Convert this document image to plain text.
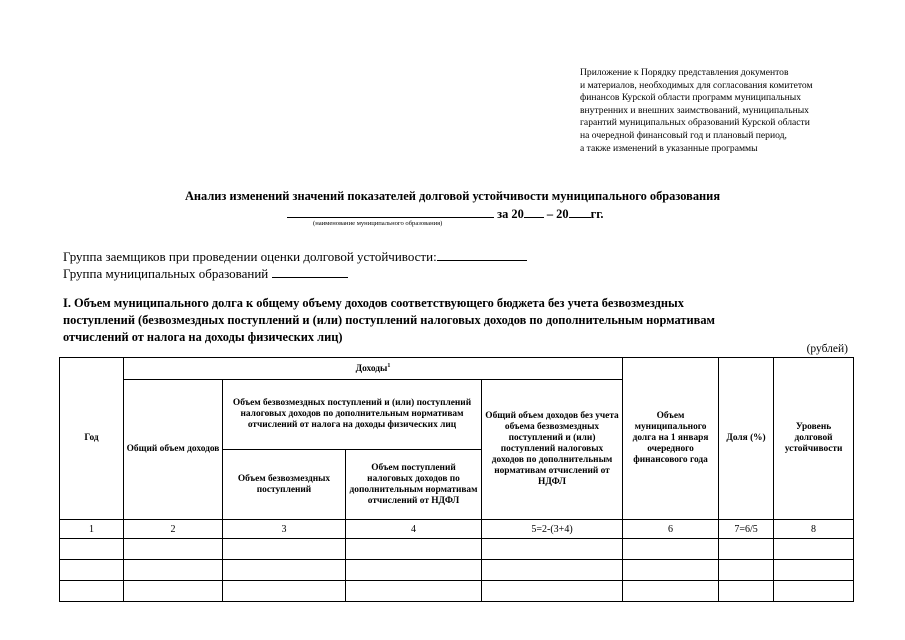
Приложение к Порядку представления документов
и материалов, необходимых для согласования комитетом
финансов Курской области программ муниципальных
внутренних и внешних заимствований, муниципальных
гарантий муниципальных образований Курской области
на очередной финансовый год и плановый период,
а также изменений в указанные программы
Анализ изменений значений показателей долговой устойчивости муниципального образования
за 20 – 20 гг.
(наименование муниципального образования)
Группа заемщиков при проведении оценки долговой устойчивости:
Группа муниципальных образований
I. Объем муниципального долга к общему объему доходов соответствующего бюджета без учета безвозмездных
поступлений (безвозмездных поступлений и (или) поступлений налоговых доходов по дополнительным нормативам
отчислений от налога на доходы физических лиц)
(рублей)
Год	Доходы$^1$				Объем муниципального долга на 1 января очередного финансового года	Доля (%)	Уровень долговой устойчивости
	Общий объем доходов	Объем безвозмездных поступлений и (или) поступлений налоговых доходов по дополнительным нормативам отчислений от налога на доходы физических лиц		Общий объем доходов без учета объема безвозмездных поступлений и (или) поступлений налоговых доходов по дополнительным нормативам отчислений от НДФЛ			
		Объем безвозмездных поступлений	Объем поступлений налоговых доходов по дополнительным нормативам отчислений от НДФЛ				
1	2	3	4	5=2-(3+4)	6	7=6/5	8
